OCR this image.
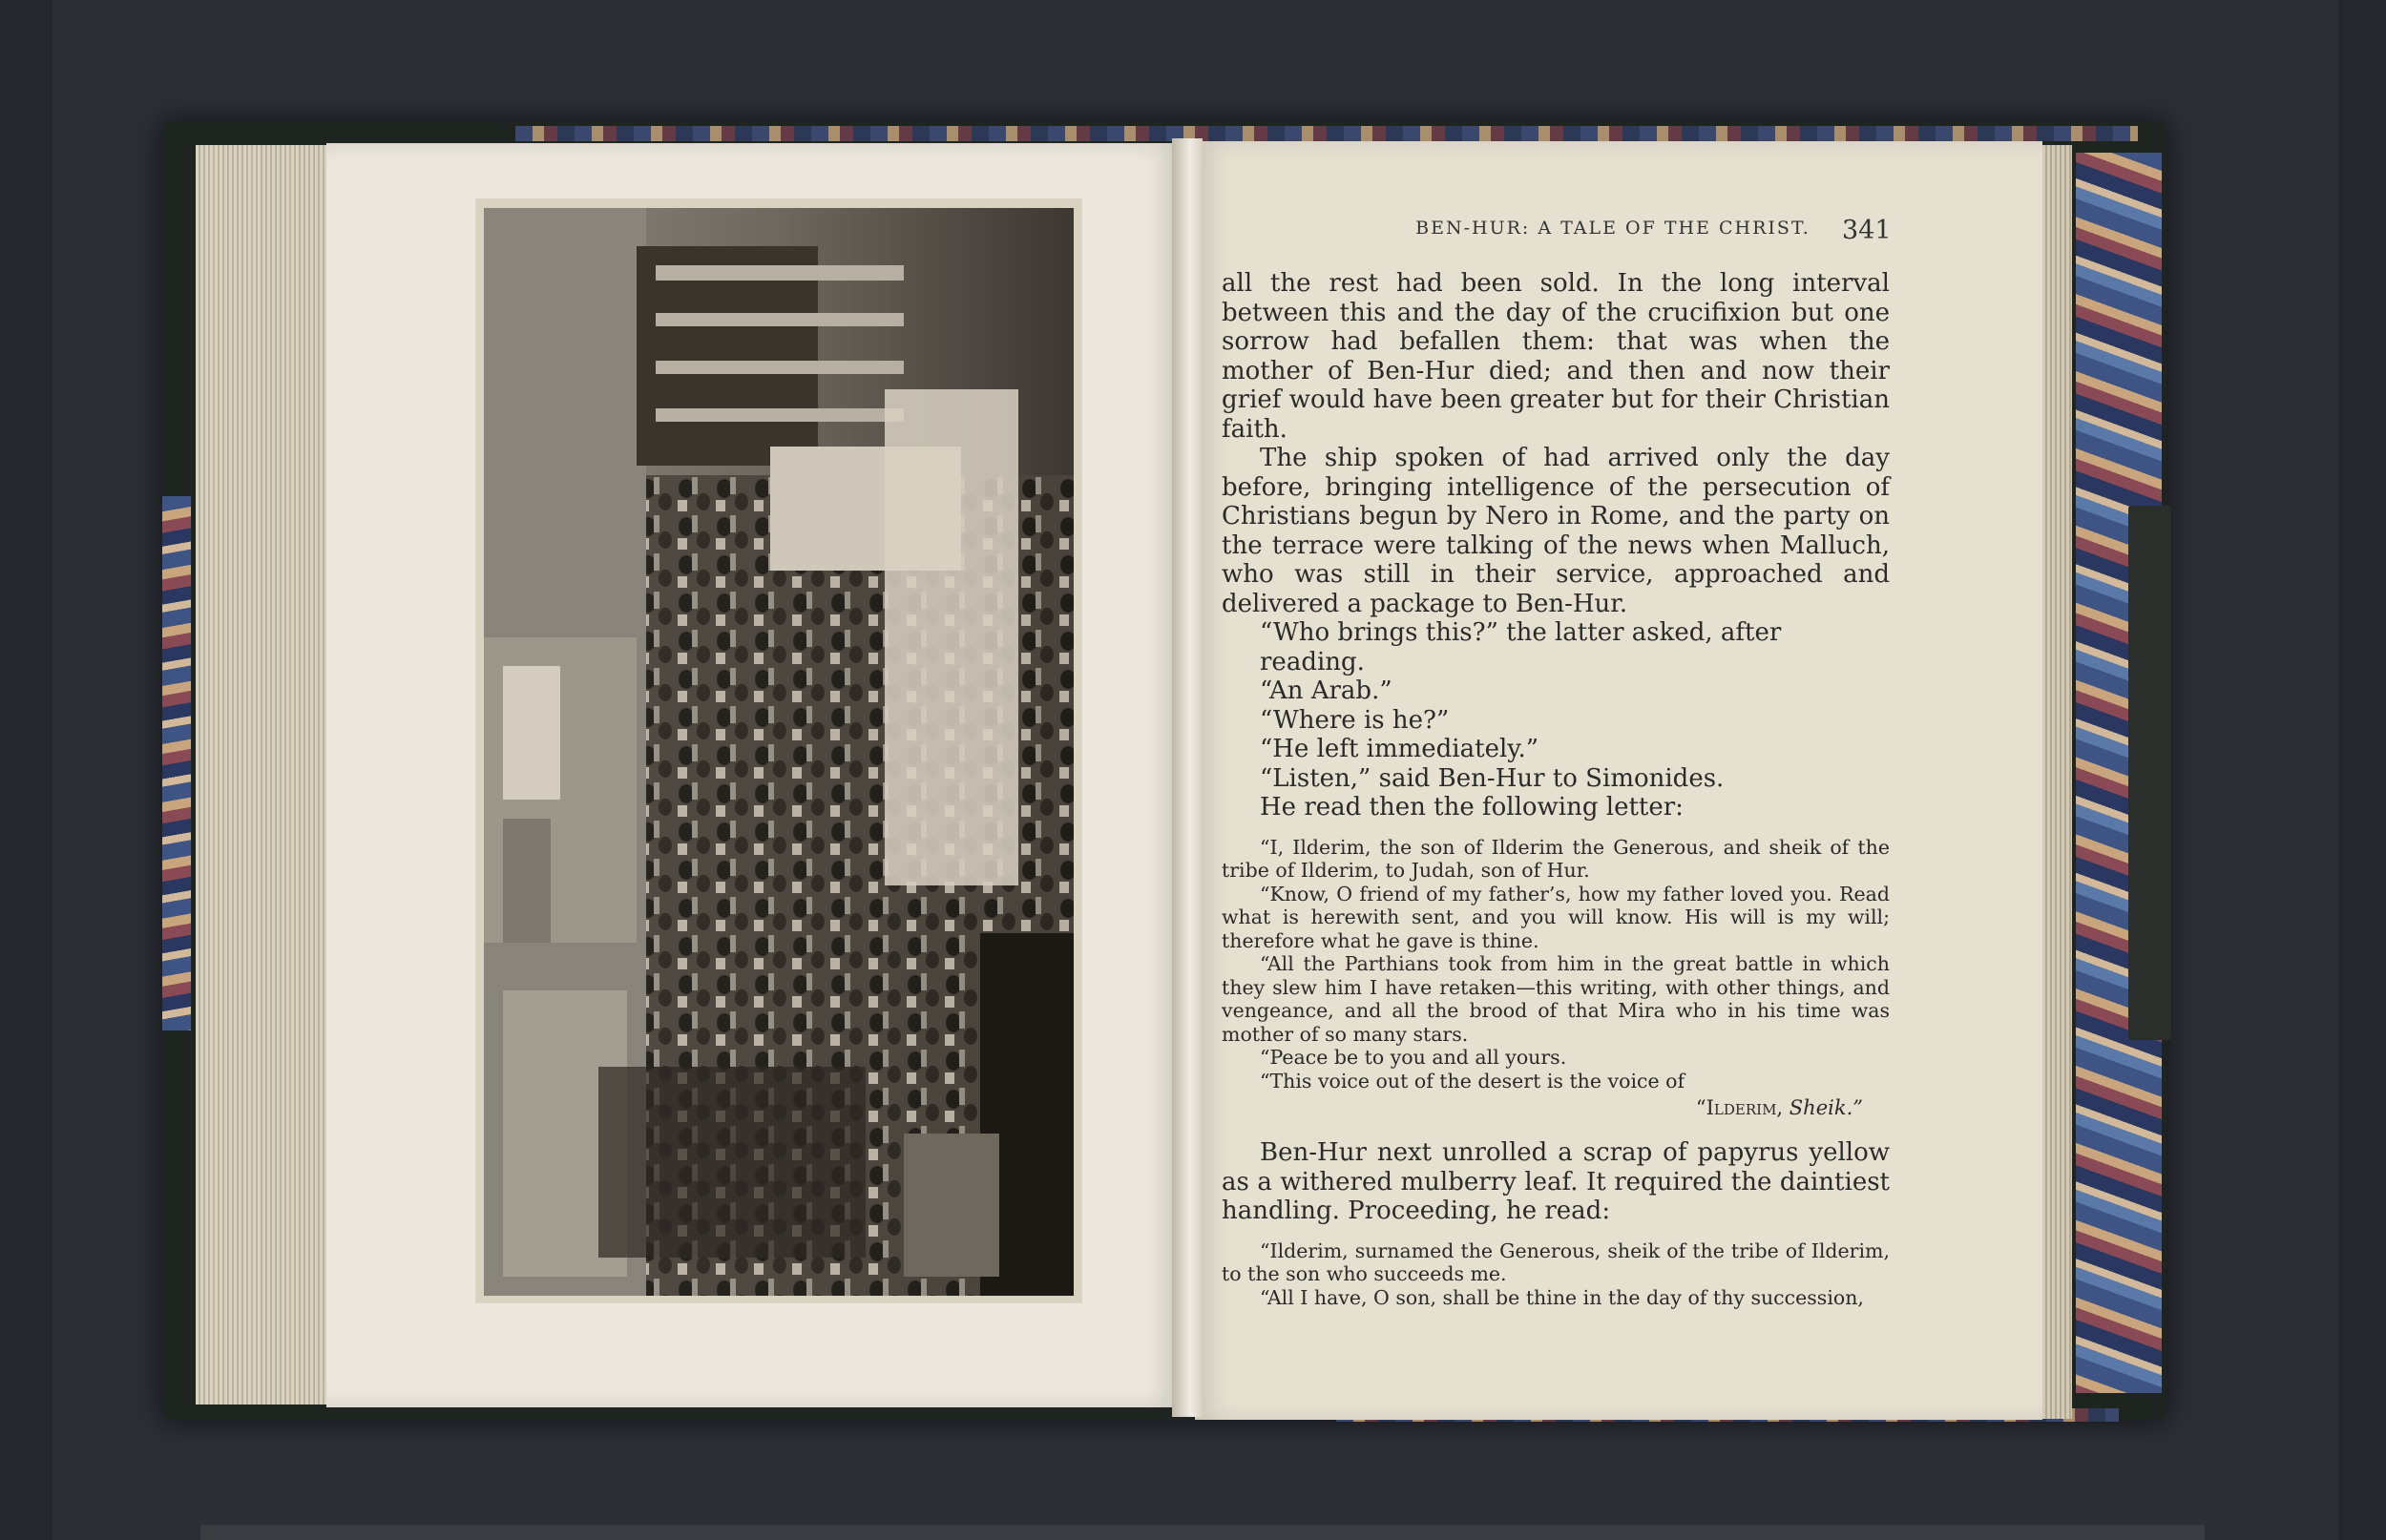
BEN-HUR: A TALE OF THE CHRIST.	341

all the rest had been sold. In the long interval between this and the day of the crucifixion but one sorrow had befallen them: that was when the mother of Ben-Hur died; and then and now their grief would have been greater but for their Christian faith.

The ship spoken of had arrived only the day before, bringing intelligence of the persecution of Christians begun by Nero in Rome, and the party on the terrace were talking of the news when Malluch, who was still in their service, approached and delivered a package to Ben-Hur.

“Who brings this?” the latter asked, after reading.

“An Arab.”

“Where is he?”

“He left immediately.”

“Listen,” said Ben-Hur to Simonides.

He read then the following letter:

“I, Ilderim, the son of Ilderim the Generous, and sheik of the tribe of Ilderim, to Judah, son of Hur.

“Know, O friend of my father’s, how my father loved you. Read what is herewith sent, and you will know. His will is my will; therefore what he gave is thine.

“All the Parthians took from him in the great battle in which they slew him I have retaken—this writing, with other things, and vengeance, and all the brood of that Mira who in his time was mother of so many stars.

“Peace be to you and all yours.

“This voice out of the desert is the voice of

“Ilderim, Sheik.”

Ben-Hur next unrolled a scrap of papyrus yellow as a withered mulberry leaf. It required the daintiest handling. Proceeding, he read:

“Ilderim, surnamed the Generous, sheik of the tribe of Ilderim, to the son who succeeds me.

“All I have, O son, shall be thine in the day of thy succession,
